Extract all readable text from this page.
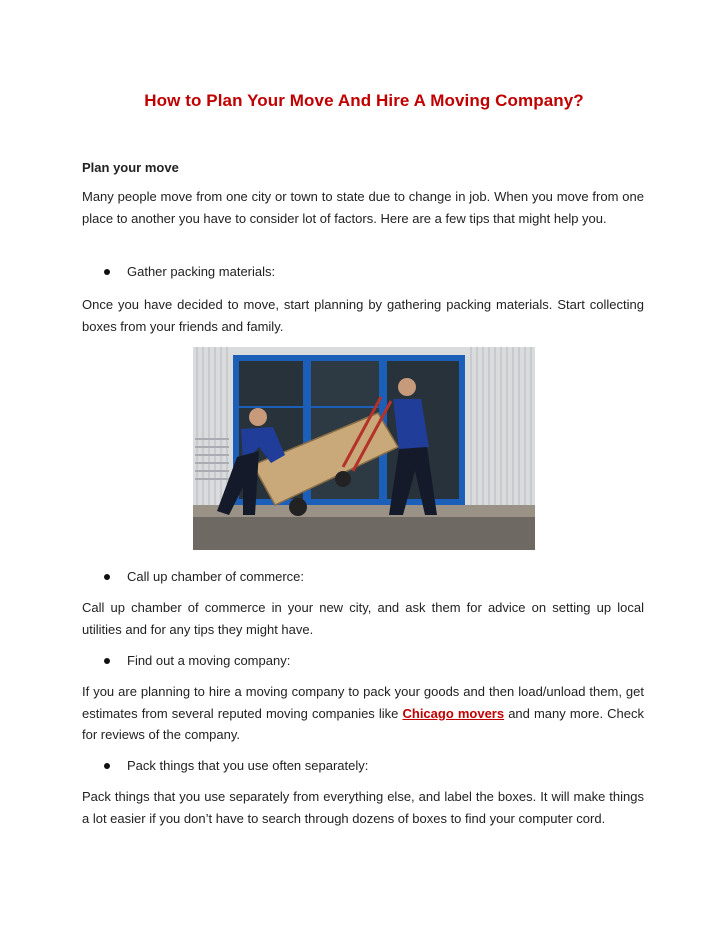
How to Plan Your Move And Hire A Moving Company?
Plan your move
Many people move from one city or town to state due to change in job. When you move from one place to another you have to consider lot of factors. Here are a few tips that might help you.
Gather packing materials:
Once you have decided to move, start planning by gathering packing materials. Start collecting boxes from your friends and family.
Call up chamber of commerce:
Call up chamber of commerce in your new city, and ask them for advice on setting up local utilities and for any tips they might have.
Find out a moving company:
If you are planning to hire a moving company to pack your goods and then load/unload them, get estimates from several reputed moving companies like Chicago movers and many more. Check for reviews of the company.
Pack things that you use often separately:
Pack things that you use separately from everything else, and label the boxes. It will make things a lot easier if you don’t have to search through dozens of boxes to find your computer cord.
